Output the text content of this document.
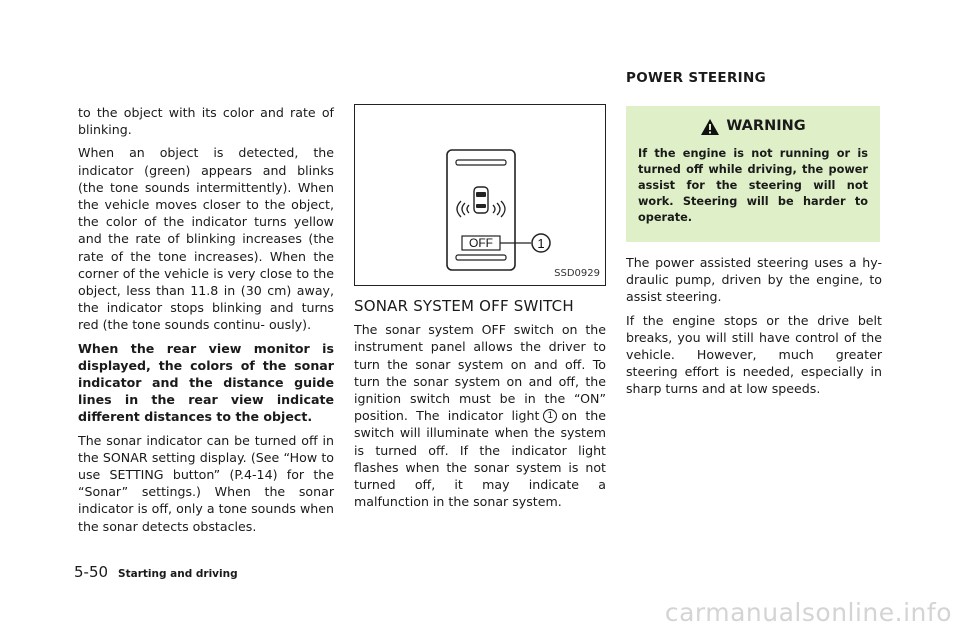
to the object with its color and rate of blinking.

When an object is detected, the indicator (green) appears and blinks (the tone sounds intermittently). When the vehicle moves closer to the object, the color of the indicator turns yellow and the rate of blinking increases (the rate of the tone increases). When the corner of the vehicle is very close to the object, less than 11.8 in (30 cm) away, the indicator stops blinking and turns red (the tone sounds continu- ously).

When the rear view monitor is displayed, the colors of the sonar indicator and the distance guide lines in the rear view indicate different distances to the object.

The sonar indicator can be turned off in the SONAR setting display. (See “How to use SETTING button” (P.4-14) for the “Sonar” settings.) When the sonar indicator is off, only a tone sounds when the sonar detects obstacles.

OFF	1
SSD0929
SONAR SYSTEM OFF SWITCH

The sonar system OFF switch on the instrument panel allows the driver to turn the sonar system on and off. To turn the sonar system on and off, the ignition switch must be in the “ON” position. The indicator light 1 on the switch will illuminate when the system is turned off. If the indicator light flashes when the sonar system is not turned off, it may indicate a malfunction in the sonar system.

POWER STEERING
WARNING

If the engine is not running or is turned off while driving, the power assist for the steering will not work. Steering will be harder to operate.

The power assisted steering uses a hy- draulic pump, driven by the engine, to assist steering.

If the engine stops or the drive belt breaks, you will still have control of the vehicle. However, much greater steering effort is needed, especially in sharp turns and at low speeds.

5-50 Starting and driving
carmanualsonline.info
